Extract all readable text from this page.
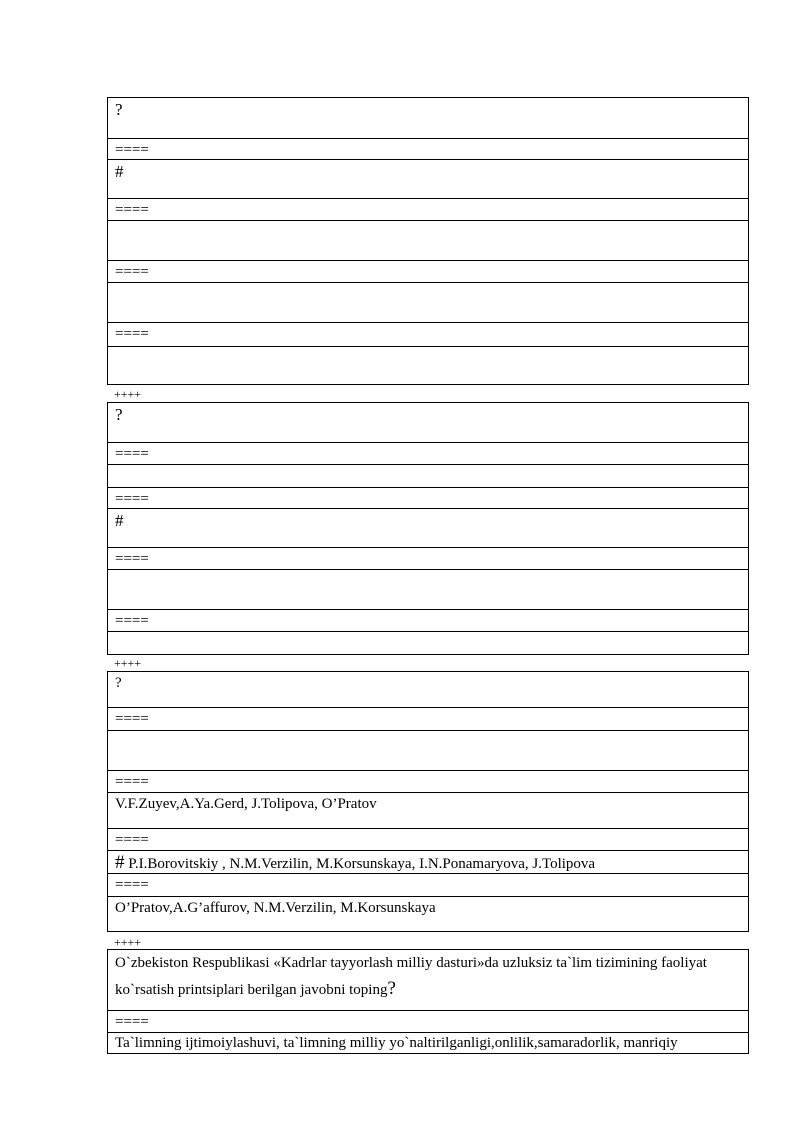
?
====
#
====
====
====
++++
?
====
====
#
====
====
++++
?
====
====
V.F.Zuyev,A.Ya.Gerd, J.Tolipova, O’Pratov
====
# P.I.Borovitskiy , N.M.Verzilin, M.Korsunskaya, I.N.Ponamaryova, J.Tolipova
====
O’Pratov,A.G’affurov, N.M.Verzilin, M.Korsunskaya
++++
O`zbekiston Respublikasi «Kadrlar tayyorlash milliy dasturi»da uzluksiz ta`lim tizimining faoliyat ko`rsatish printsiplari berilgan javobni toping?
====
Ta`limning ijtimoiylashuvi, ta`limning milliy yo`naltirilganligi,onlilik,samaradorlik, manriqiy
